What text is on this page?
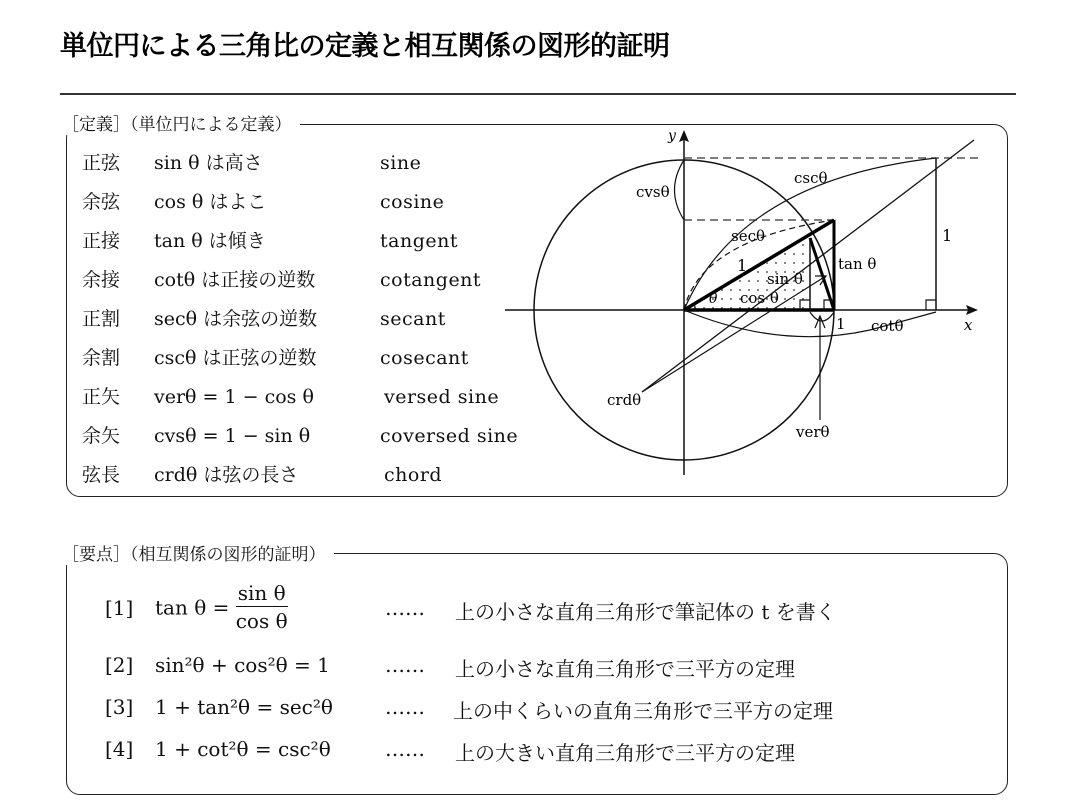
単位円による三角比の定義と相互関係の図形的証明
［定義］（単位円による定義）
正弦 sin θ は高さ	sine
余弦 cos θ はよこ	cosine
正接 tan θ は傾き	tangent
余接 cotθ は正接の逆数	cotangent
正割 secθ は余弦の逆数	secant
余割 cscθ は正弦の逆数	cosecant
正矢 verθ = 1 − cos θ	versed sine
余矢 cvsθ = 1 − sin θ	coversed sine
弦長 crdθ は弦の長さ	chord
y
x
cvsθ
cscθ
secθ
tan θ
sin θ
cos θ
θ
1
1
1
cotθ
crdθ
verθ
［要点］（相互関係の図形的証明）
[1] $\tan \theta = \frac{\text{sin θ}}{\text{cos θ}}$	…… 上の小さな直角三角形で筆記体の t を書く
[2] sin²θ + cos²θ = 1	…… 上の小さな直角三角形で三平方の定理
[3] 1 + tan²θ = sec²θ	…… 上の中くらいの直角三角形で三平方の定理
[4] 1 + cot²θ = csc²θ	…… 上の大きい直角三角形で三平方の定理
